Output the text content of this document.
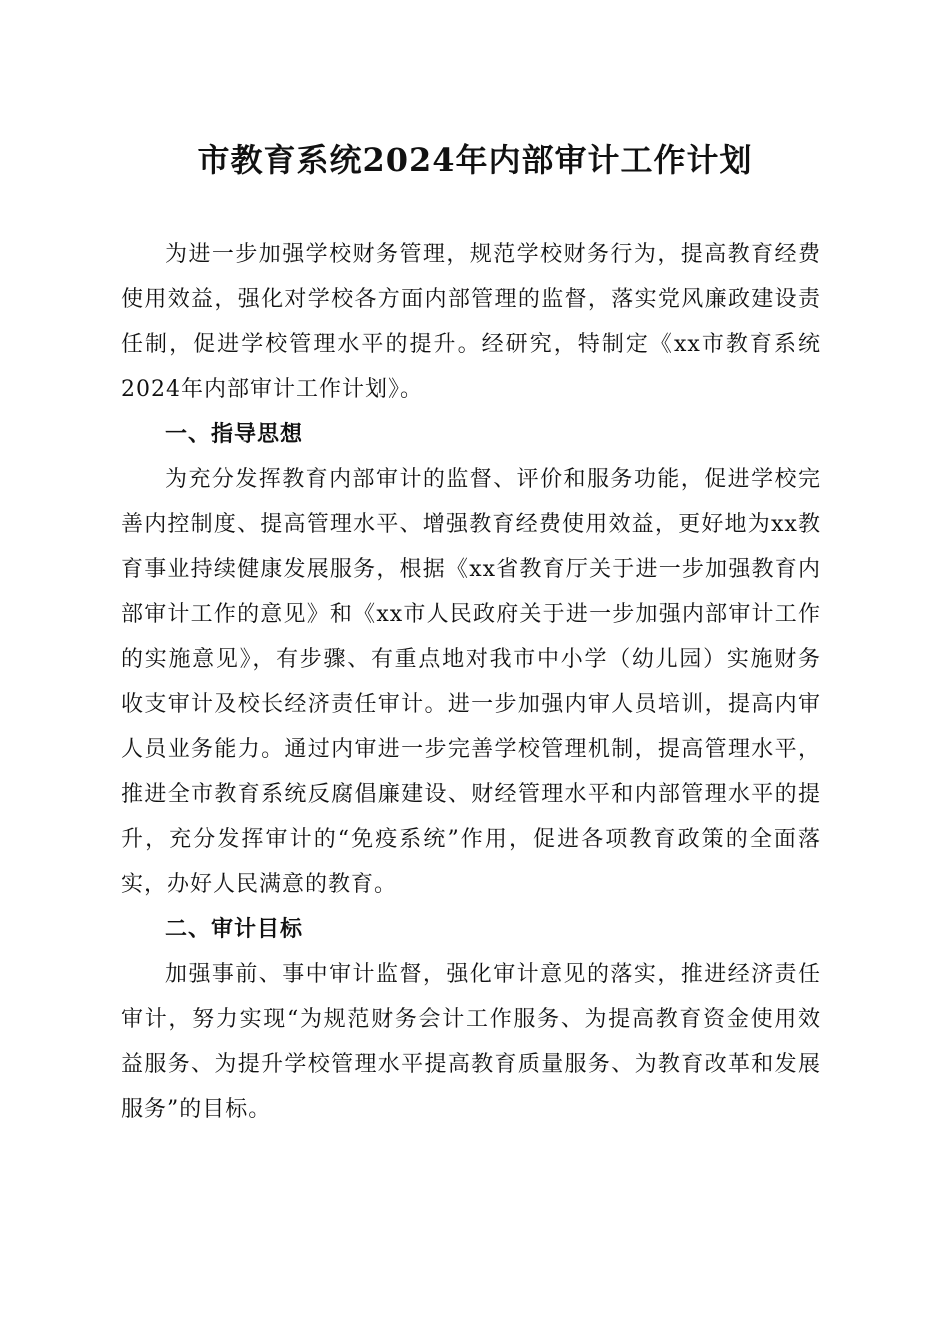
市教育系统2024年内部审计工作计划

为进一步加强学校财务管理，规范学校财务行为，提高教育经费使用效益，强化对学校各方面内部管理的监督，落实党风廉政建设责任制，促进学校管理水平的提升。经研究，特制定《xx市教育系统2024年内部审计工作计划》。

一、指导思想

为充分发挥教育内部审计的监督、评价和服务功能，促进学校完善内控制度、提高管理水平、增强教育经费使用效益，更好地为xx教育事业持续健康发展服务，根据《xx省教育厅关于进一步加强教育内部审计工作的意见》和《xx市人民政府关于进一步加强内部审计工作的实施意见》，有步骤、有重点地对我市中小学（幼儿园）实施财务收支审计及校长经济责任审计。进一步加强内审人员培训，提高内审人员业务能力。通过内审进一步完善学校管理机制，提高管理水平，推进全市教育系统反腐倡廉建设、财经管理水平和内部管理水平的提升，充分发挥审计的“免疫系统”作用，促进各项教育政策的全面落实，办好人民满意的教育。

二、审计目标

加强事前、事中审计监督，强化审计意见的落实，推进经济责任审计，努力实现“为规范财务会计工作服务、为提高教育资金使用效益服务、为提升学校管理水平提高教育质量服务、为教育改革和发展服务”的目标。
